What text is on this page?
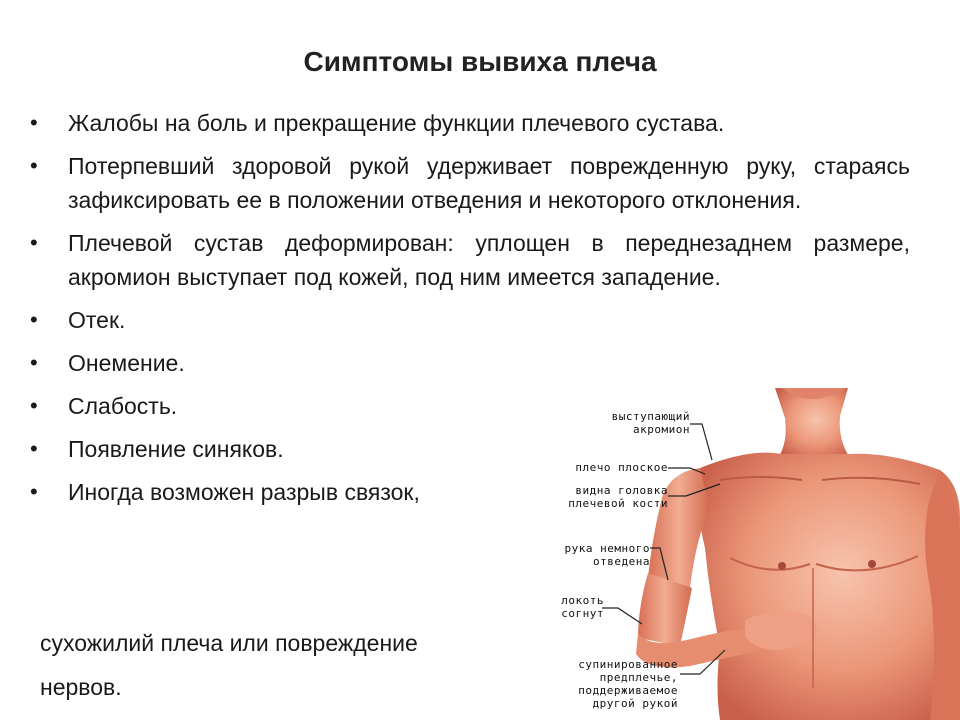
Симптомы вывиха плеча
•	Жалобы на боль и прекращение функции плечевого сустава.
•	Потерпевший здоровой рукой удерживает поврежденную руку, стараясь зафиксировать ее в положении отведения и некоторого отклонения.
•	Плечевой сустав деформирован: уплощен в переднезаднем размере, акромион выступает под кожей, под ним имеется западение.
•	Отек.
•	Онемение.
•	Слабость.
•	Появление синяков.
•	Иногда возможен разрыв связок,
сухожилий плеча или повреждение
нервов.
выступающий
акромион
плечо плоское
видна головка
плечевой кости
рука немного
отведена
локоть
согнут
супинированное
предплечье,
поддерживаемое
другой рукой
